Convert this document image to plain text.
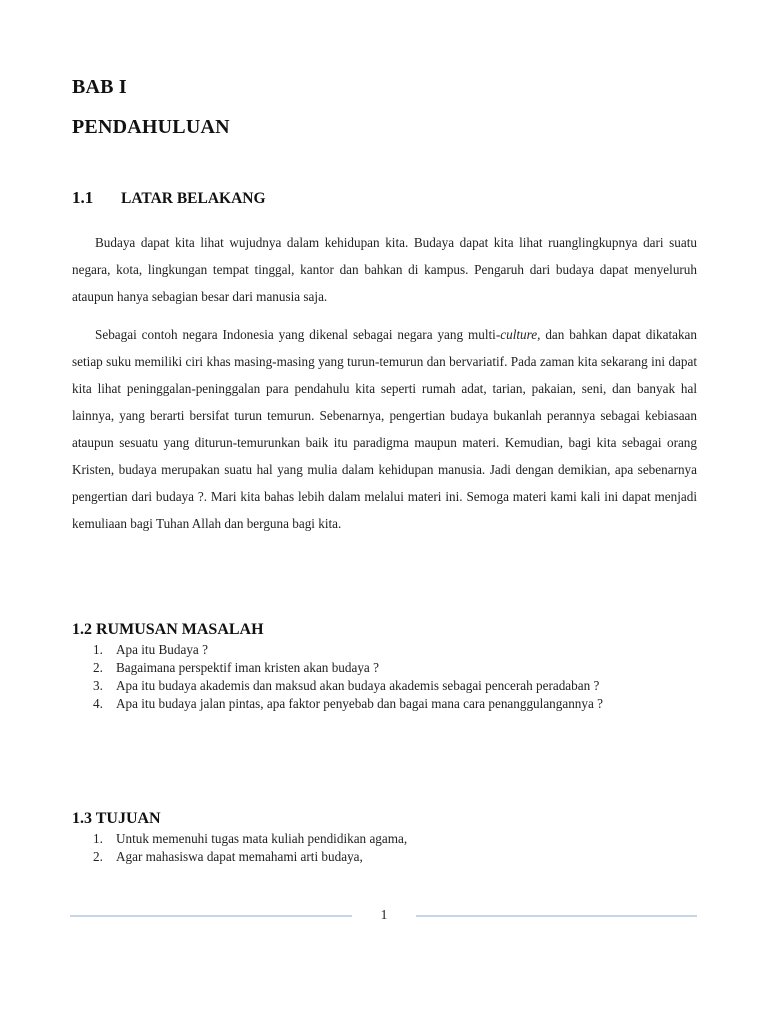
BAB I
PENDAHULUAN
1.1 LATAR BELAKANG

Budaya dapat kita lihat wujudnya dalam kehidupan kita. Budaya dapat kita lihat ruanglingkupnya dari suatu negara, kota, lingkungan tempat tinggal, kantor dan bahkan di kampus. Pengaruh dari budaya dapat menyeluruh ataupun hanya sebagian besar dari manusia saja.

Sebagai contoh negara Indonesia yang dikenal sebagai negara yang multi-culture, dan bahkan dapat dikatakan setiap suku memiliki ciri khas masing-masing yang turun-temurun dan bervariatif. Pada zaman kita sekarang ini dapat kita lihat peninggalan-peninggalan para pendahulu kita seperti rumah adat, tarian, pakaian, seni, dan banyak hal lainnya, yang berarti bersifat turun temurun. Sebenarnya, pengertian budaya bukanlah perannya sebagai kebiasaan ataupun sesuatu yang diturun-temurunkan baik itu paradigma maupun materi. Kemudian, bagi kita sebagai orang Kristen, budaya merupakan suatu hal yang mulia dalam kehidupan manusia. Jadi dengan demikian, apa sebenarnya pengertian dari budaya ?. Mari kita bahas lebih dalam melalui materi ini. Semoga materi kami kali ini dapat menjadi kemuliaan bagi Tuhan Allah dan berguna bagi kita.

1.2 RUMUSAN MASALAH
1. Apa itu Budaya ?
2. Bagaimana perspektif iman kristen akan budaya ?
3. Apa itu budaya akademis dan maksud akan budaya akademis sebagai pencerah peradaban ?
4. Apa itu budaya jalan pintas, apa faktor penyebab dan bagai mana cara penanggulangannya ?
1.3 TUJUAN
1. Untuk memenuhi tugas mata kuliah pendidikan agama,
2. Agar mahasiswa dapat memahami arti budaya,
1
